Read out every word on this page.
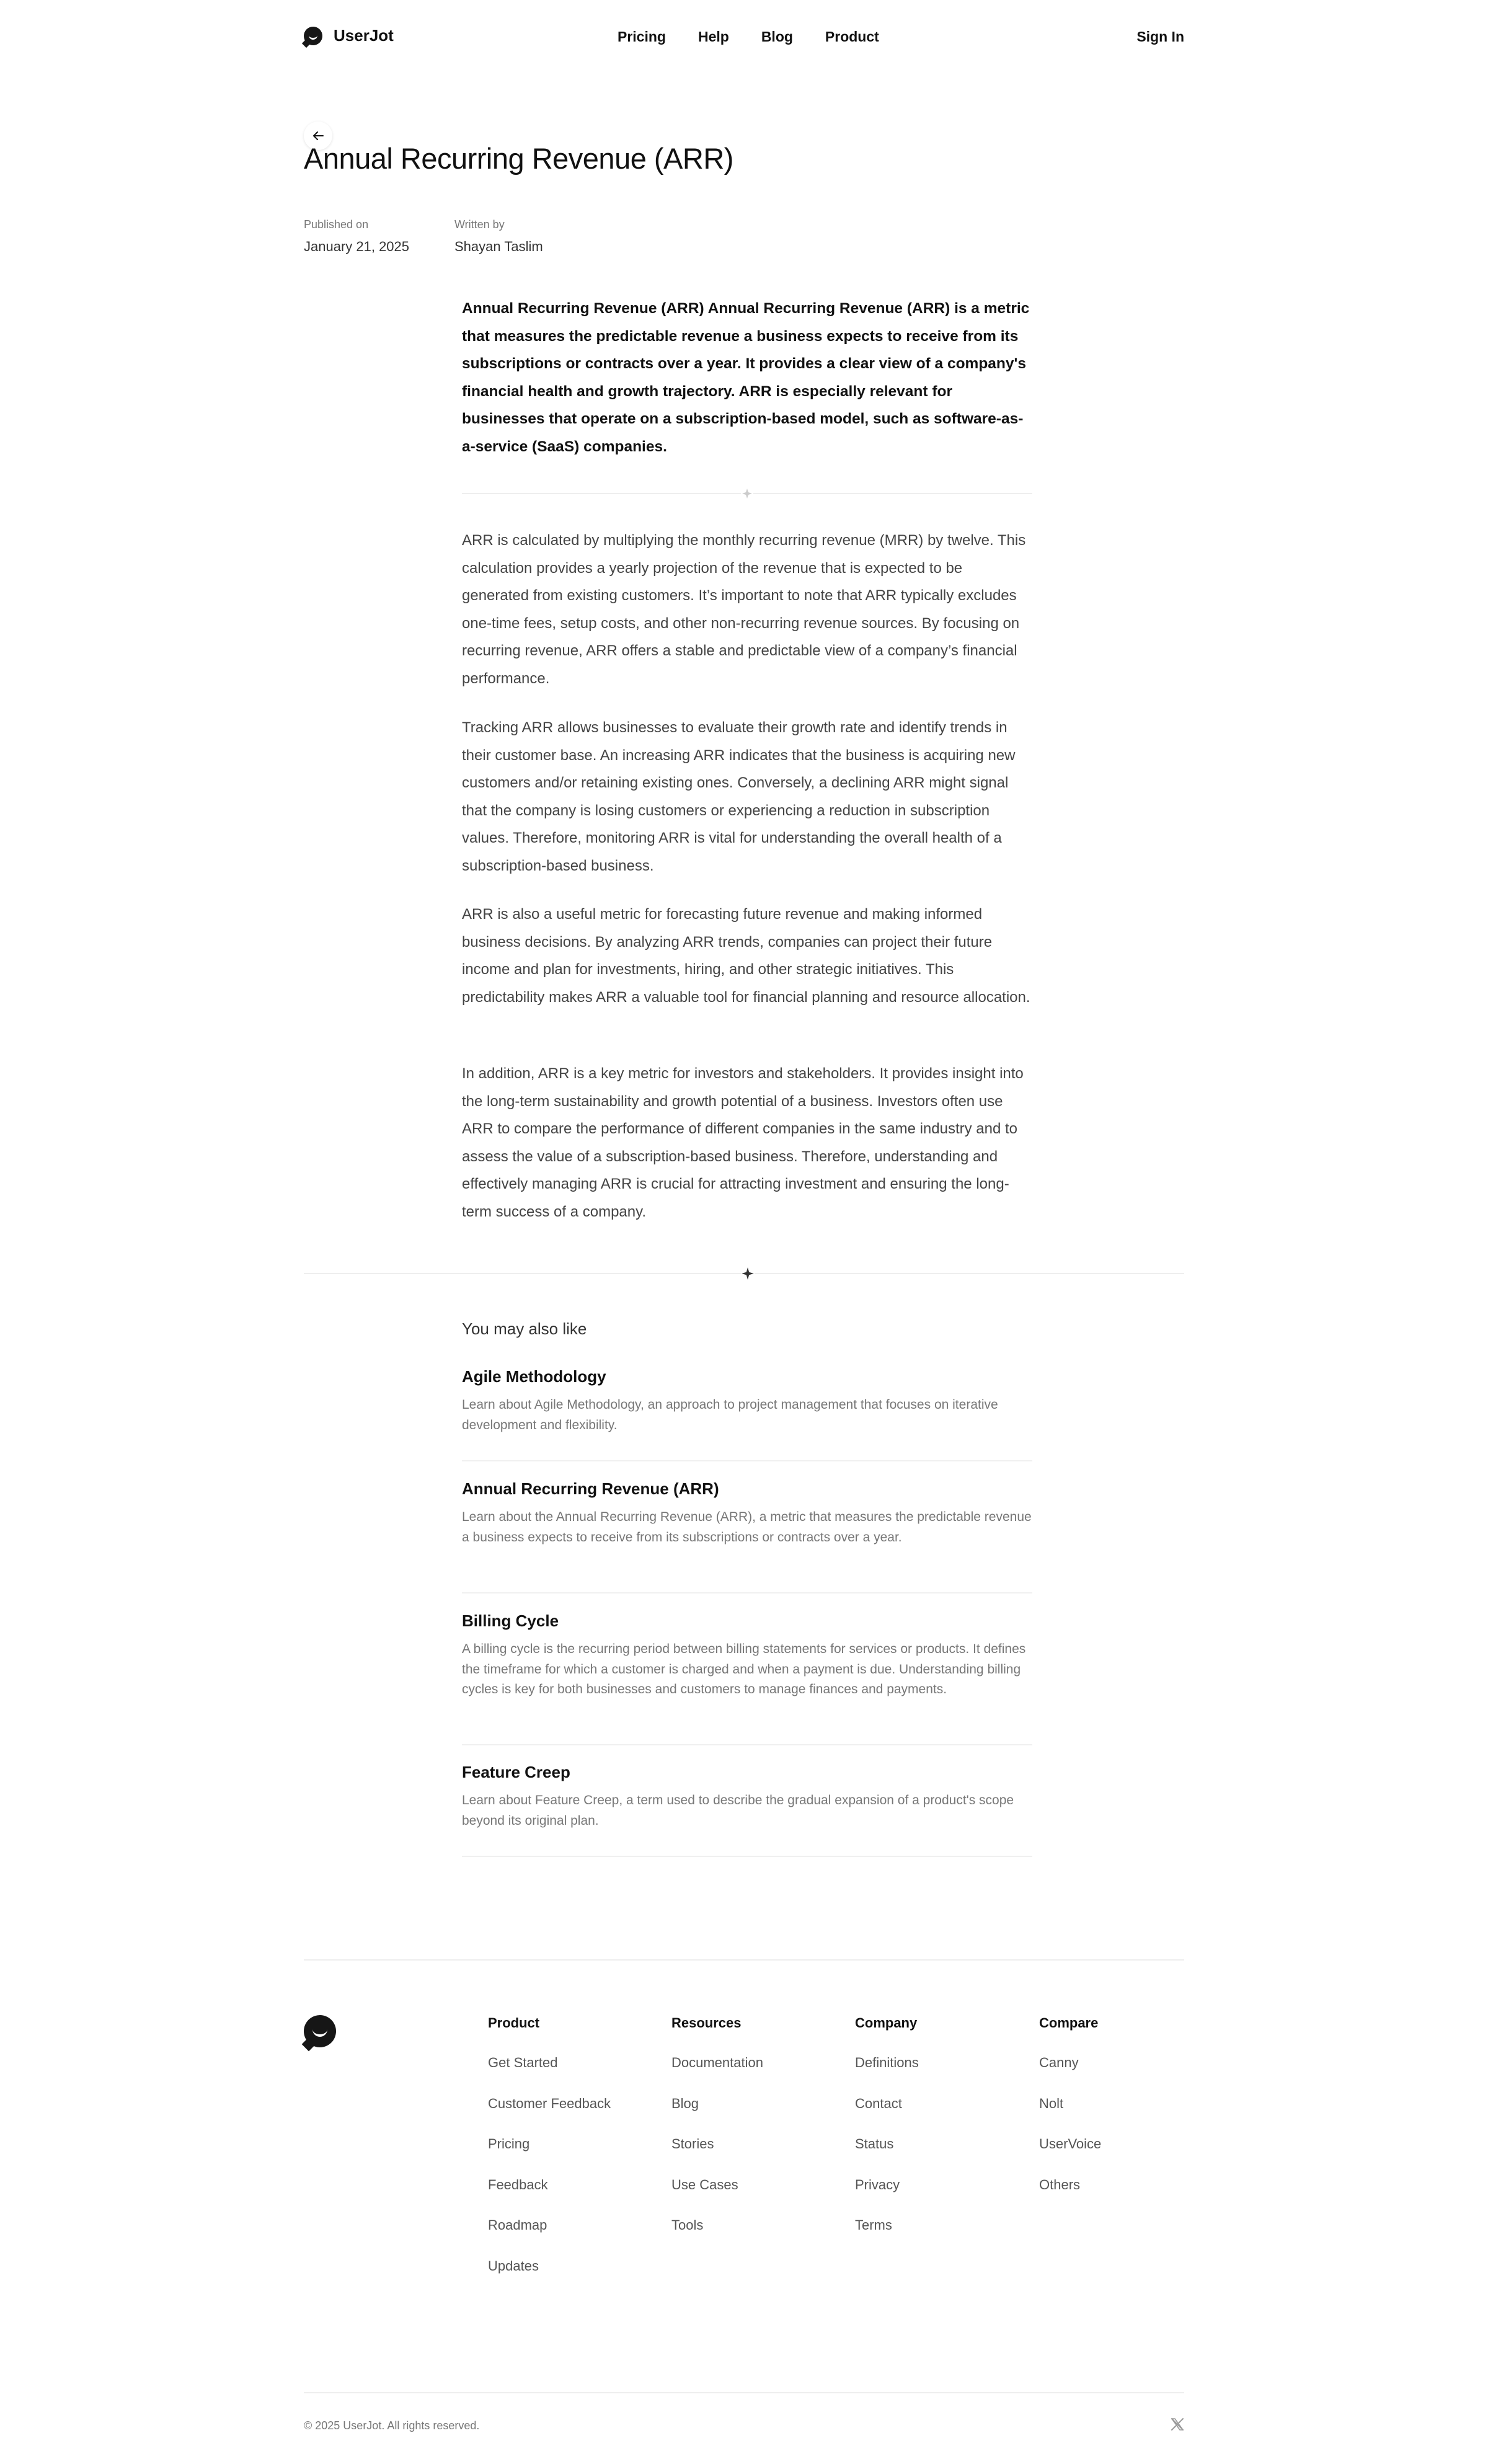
UserJot	Pricing Help Blog Product	Sign In
Annual Recurring Revenue (ARR)
Published on
January 21, 2025
Written by
Shayan Taslim

Annual Recurring Revenue (ARR) Annual Recurring Revenue (ARR) is a metric that measures the predictable revenue a business expects to receive from its subscriptions or contracts over a year. It provides a clear view of a company's financial health and growth trajectory. ARR is especially relevant for businesses that operate on a subscription-based model, such as software-as-a-service (SaaS) companies.

ARR is calculated by multiplying the monthly recurring revenue (MRR) by twelve. This calculation provides a yearly projection of the revenue that is expected to be generated from existing customers. It’s important to note that ARR typically excludes one-time fees, setup costs, and other non-recurring revenue sources. By focusing on recurring revenue, ARR offers a stable and predictable view of a company’s financial performance.

Tracking ARR allows businesses to evaluate their growth rate and identify trends in their customer base. An increasing ARR indicates that the business is acquiring new customers and/or retaining existing ones. Conversely, a declining ARR might signal that the company is losing customers or experiencing a reduction in subscription values. Therefore, monitoring ARR is vital for understanding the overall health of a subscription-based business.

ARR is also a useful metric for forecasting future revenue and making informed business decisions. By analyzing ARR trends, companies can project their future income and plan for investments, hiring, and other strategic initiatives. This predictability makes ARR a valuable tool for financial planning and resource allocation.

In addition, ARR is a key metric for investors and stakeholders. It provides insight into the long-term sustainability and growth potential of a business. Investors often use ARR to compare the performance of different companies in the same industry and to assess the value of a subscription-based business. Therefore, understanding and effectively managing ARR is crucial for attracting investment and ensuring the long-term success of a company.

You may also like
Agile Methodology
Learn about Agile Methodology, an approach to project management that focuses on iterative development and flexibility.
Annual Recurring Revenue (ARR)
Learn about the Annual Recurring Revenue (ARR), a metric that measures the predictable revenue a business expects to receive from its subscriptions or contracts over a year.
Billing Cycle
A billing cycle is the recurring period between billing statements for services or products. It defines the timeframe for which a customer is charged and when a payment is due. Understanding billing cycles is key for both businesses and customers to manage finances and payments.
Feature Creep
Learn about Feature Creep, a term used to describe the gradual expansion of a product's scope beyond its original plan.
Product
Get Started
Customer Feedback
Pricing
Feedback
Roadmap
Updates
Resources
Documentation
Blog
Stories
Use Cases
Tools
Company
Definitions
Contact
Status
Privacy
Terms
Compare
Canny
Nolt
UserVoice
Others
© 2025 UserJot. All rights reserved.
